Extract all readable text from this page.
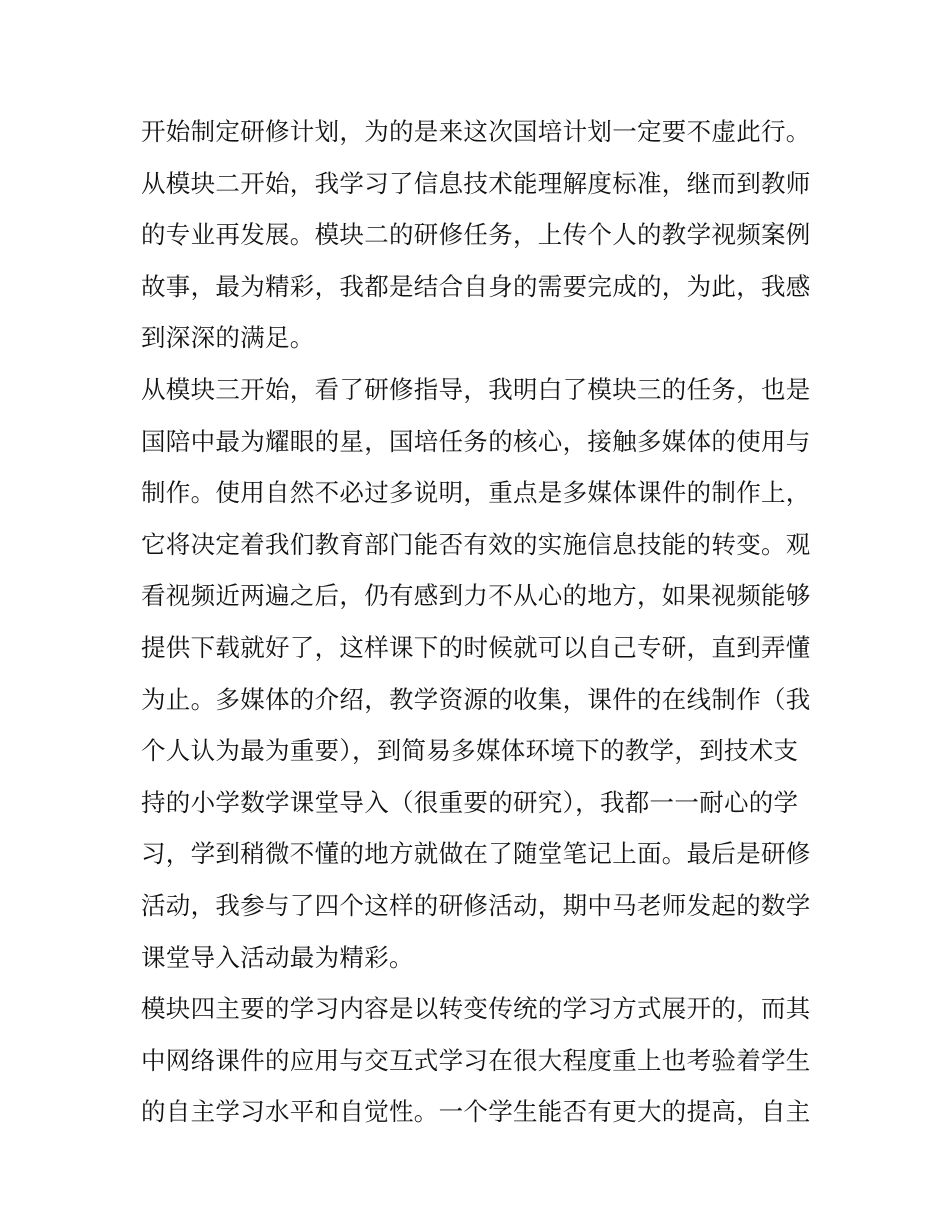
开始制定研修计划，为的是来这次国培计划一定要不虚此行。
从模块二开始，我学习了信息技术能理解度标准，继而到教师
的专业再发展。模块二的研修任务，上传个人的教学视频案例
故事，最为精彩，我都是结合自身的需要完成的，为此，我感
到深深的满足。
从模块三开始，看了研修指导，我明白了模块三的任务，也是
国陪中最为耀眼的星，国培任务的核心，接触多媒体的使用与
制作。使用自然不必过多说明，重点是多媒体课件的制作上，
它将决定着我们教育部门能否有效的实施信息技能的转变。观
看视频近两遍之后，仍有感到力不从心的地方，如果视频能够
提供下载就好了，这样课下的时候就可以自己专研，直到弄懂
为止。多媒体的介绍，教学资源的收集，课件的在线制作（我
个人认为最为重要），到简易多媒体环境下的教学，到技术支
持的小学数学课堂导入（很重要的研究），我都一一耐心的学
习，学到稍微不懂的地方就做在了随堂笔记上面。最后是研修
活动，我参与了四个这样的研修活动，期中马老师发起的数学
课堂导入活动最为精彩。
模块四主要的学习内容是以转变传统的学习方式展开的，而其
中网络课件的应用与交互式学习在很大程度重上也考验着学生
的自主学习水平和自觉性。一个学生能否有更大的提高，自主
